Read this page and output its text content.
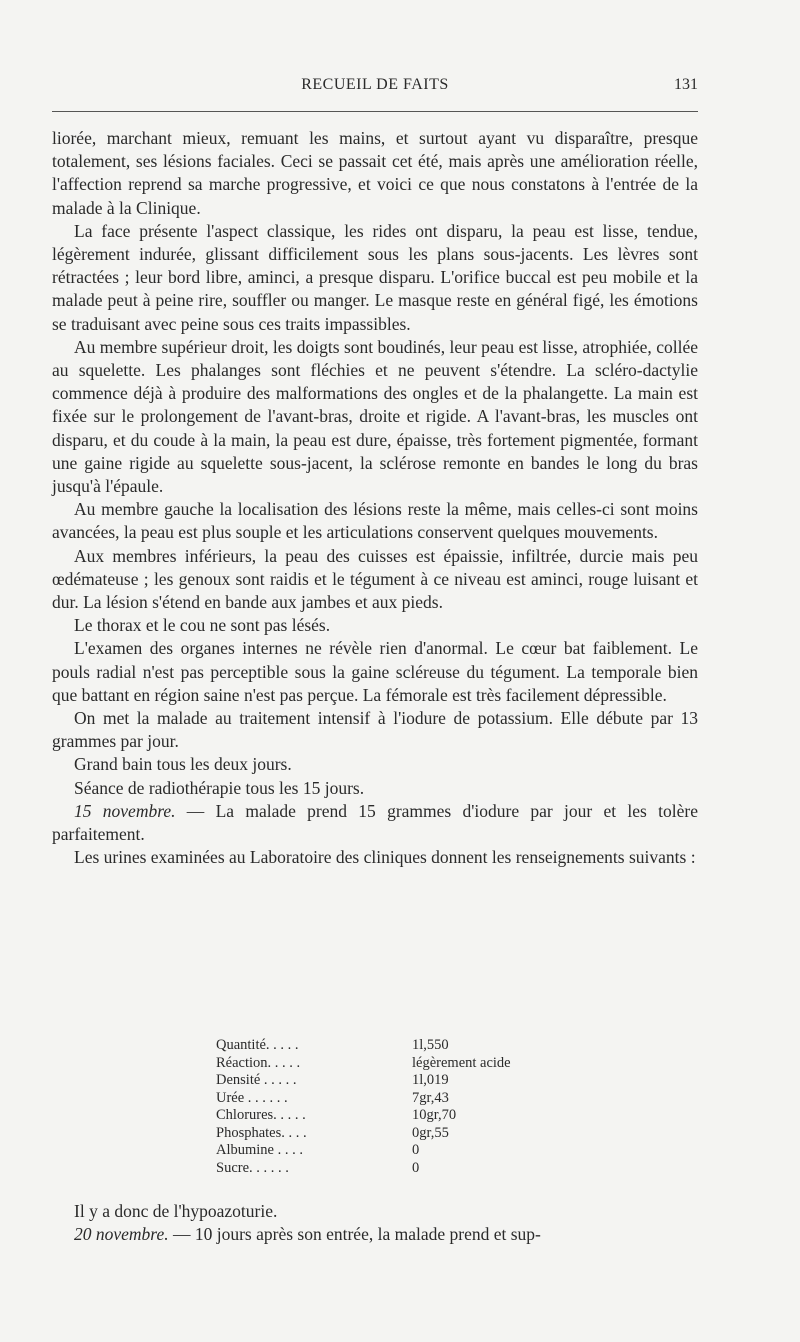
RECUEIL DE FAITS	131

liorée, marchant mieux, remuant les mains, et surtout ayant vu disparaître, presque totalement, ses lésions faciales. Ceci se passait cet été, mais après une amélioration réelle, l'affection reprend sa marche progressive, et voici ce que nous constatons à l'entrée de la malade à la Clinique.

La face présente l'aspect classique, les rides ont disparu, la peau est lisse, tendue, légèrement indurée, glissant difficilement sous les plans sous-jacents. Les lèvres sont rétractées ; leur bord libre, aminci, a presque disparu. L'orifice buccal est peu mobile et la malade peut à peine rire, souffler ou manger. Le masque reste en général figé, les émotions se traduisant avec peine sous ces traits impassibles.

Au membre supérieur droit, les doigts sont boudinés, leur peau est lisse, atrophiée, collée au squelette. Les phalanges sont fléchies et ne peuvent s'étendre. La scléro-dactylie commence déjà à produire des malformations des ongles et de la phalangette. La main est fixée sur le prolongement de l'avant-bras, droite et rigide. A l'avant-bras, les muscles ont disparu, et du coude à la main, la peau est dure, épaisse, très fortement pigmentée, formant une gaine rigide au squelette sous-jacent, la sclérose remonte en bandes le long du bras jusqu'à l'épaule.

Au membre gauche la localisation des lésions reste la même, mais celles-ci sont moins avancées, la peau est plus souple et les articulations conservent quelques mouvements.

Aux membres inférieurs, la peau des cuisses est épaissie, infiltrée, durcie mais peu œdémateuse ; les genoux sont raidis et le tégument à ce niveau est aminci, rouge luisant et dur. La lésion s'étend en bande aux jambes et aux pieds.

Le thorax et le cou ne sont pas lésés.

L'examen des organes internes ne révèle rien d'anormal. Le cœur bat faiblement. Le pouls radial n'est pas perceptible sous la gaine scléreuse du tégument. La temporale bien que battant en région saine n'est pas perçue. La fémorale est très facilement dépressible.

On met la malade au traitement intensif à l'iodure de potassium. Elle débute par 13 grammes par jour.

Grand bain tous les deux jours.

Séance de radiothérapie tous les 15 jours.

15 novembre. — La malade prend 15 grammes d'iodure par jour et les tolère parfaitement.

Les urines examinées au Laboratoire des cliniques donnent les renseignements suivants :

Quantité. . . . .	1l,550
Réaction. . . . .	légèrement acide
Densité . . . . .	1l,019
Urée . . . . . .	7gr,43
Chlorures. . . . .	10gr,70
Phosphates. . . .	0gr,55
Albumine . . . .	0
Sucre. . . . . .	0

Il y a donc de l'hypoazoturie.

20 novembre. — 10 jours après son entrée, la malade prend et sup-
